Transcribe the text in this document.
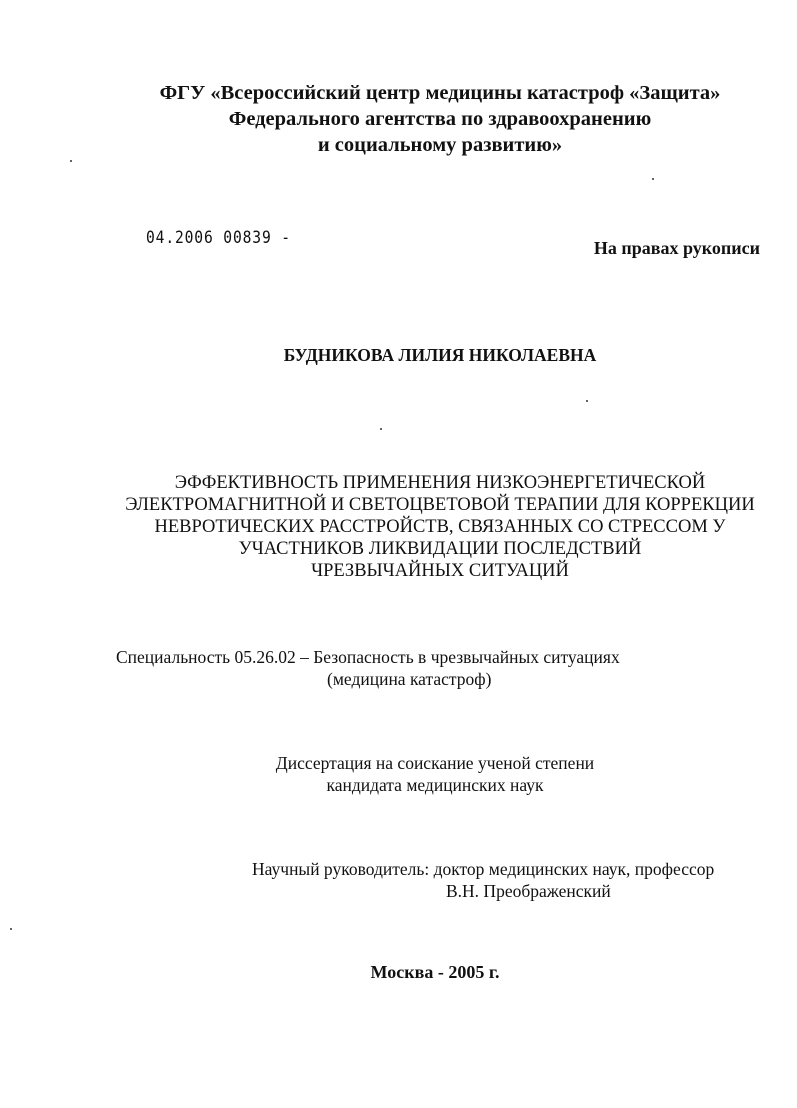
ФГУ «Всероссийский центр медицины катастроф «Защита»
Федерального агентства по здравоохранению
и социальному развитию»
04.2006 00839 -	На правах рукописи
БУДНИКОВА ЛИЛИЯ НИКОЛАЕВНА
ЭФФЕКТИВНОСТЬ ПРИМЕНЕНИЯ НИЗКОЭНЕРГЕТИЧЕСКОЙ
ЭЛЕКТРОМАГНИТНОЙ И СВЕТОЦВЕТОВОЙ ТЕРАПИИ ДЛЯ КОРРЕКЦИИ
НЕВРОТИЧЕСКИХ РАССТРОЙСТВ, СВЯЗАННЫХ СО СТРЕССОМ У
УЧАСТНИКОВ ЛИКВИДАЦИИ ПОСЛЕДСТВИЙ
ЧРЕЗВЫЧАЙНЫХ СИТУАЦИЙ
Специальность 05.26.02 – Безопасность в чрезвычайных ситуациях
(медицина катастроф)
Диссертация на соискание ученой степени
кандидата медицинских наук
Научный руководитель: доктор медицинских наук, профессор
В.Н. Преображенский
Москва - 2005 г.
